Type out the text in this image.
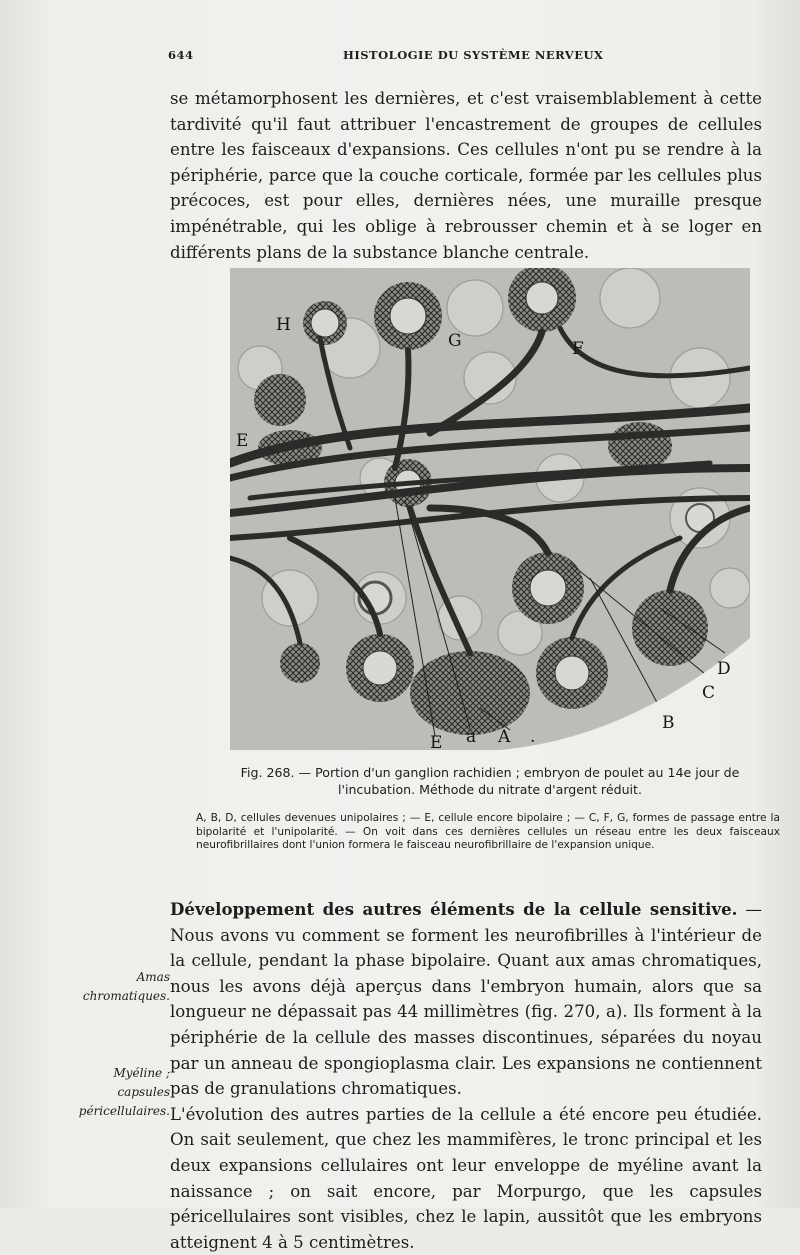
644	HISTOLOGIE DU SYSTÈME NERVEUX

se métamorphosent les dernières, et c'est vraisemblablement à cette tardivité qu'il faut attribuer l'encastrement de groupes de cellules entre les faisceaux d'expansions. Ces cellules n'ont pu se rendre à la périphérie, parce que la couche corticale, formée par les cellules plus précoces, est pour elles, dernières nées, une muraille presque impénétrable, qui les oblige à rebrousser chemin et à se loger en différents plans de la substance blanche centrale.

H
G	F
E
D
C
B
E a A .

Fig. 268. — Portion d'un ganglion rachidien ; embryon de poulet au 14e jour de l'incubation. Méthode du nitrate d'argent réduit.

A, B, D, cellules devenues unipolaires ; — E, cellule encore bipolaire ; — C, F, G, formes de passage entre la bipolarité et l'unipolarité. — On voit dans ces dernières cellules un réseau entre les deux faisceaux neurofibrillaires dont l'union formera le faisceau neurofibrillaire de l'expansion unique.

Développement des autres éléments de la cellule sensitive. — Nous avons vu comment se forment les neurofibrilles à l'intérieur de la cellule, pendant la phase bipolaire. Quant aux amas chromatiques, nous les avons déjà aperçus dans l'embryon humain, alors que sa longueur ne dépassait pas 44 millimètres (fig. 270, a). Ils forment à la périphérie de la cellule des masses discontinues, séparées du noyau par un anneau de spongioplasma clair. Les expansions ne contiennent pas de granulations chromatiques.
L'évolution des autres parties de la cellule a été encore peu étudiée. On sait seulement, que chez les mammifères, le tronc principal et les deux expansions cellulaires ont leur enveloppe de myéline avant la naissance ; on sait encore, par Morpurgo, que les capsules péricellulaires sont visibles, chez le lapin, aussitôt que les embryons atteignent 4 à 5 centimètres.

Amas chromatiques.

Myéline ; capsules péricellulaires.
